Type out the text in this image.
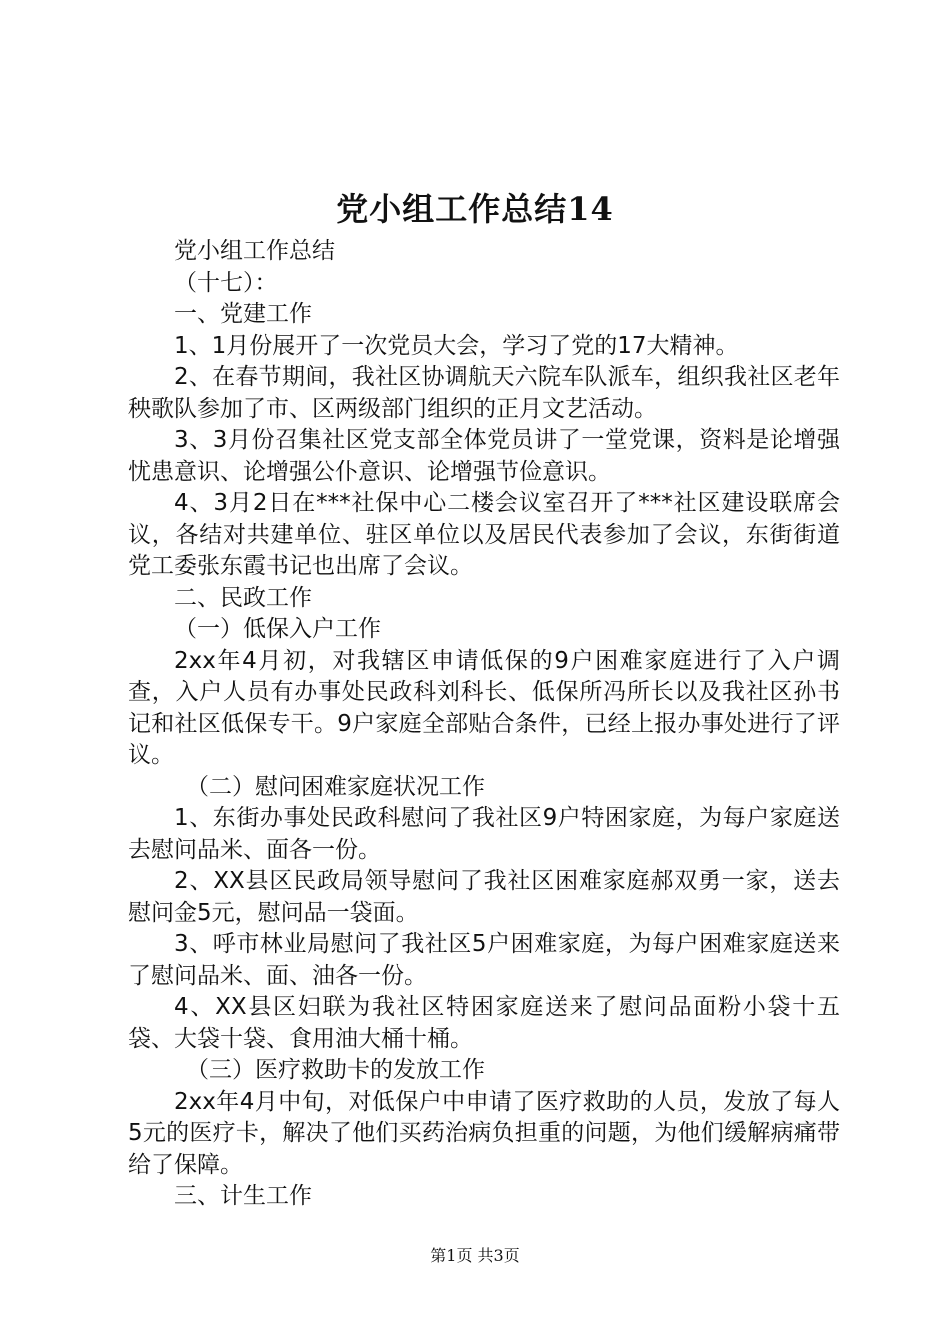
党小组工作总结14

党小组工作总结

（十七）：

一、党建工作

1、1月份展开了一次党员大会，学习了党的17大精神。

2、在春节期间，我社区协调航天六院车队派车，组织我社区老年秧歌队参加了市、区两级部门组织的正月文艺活动。

3、3月份召集社区党支部全体党员讲了一堂党课，资料是论增强忧患意识、论增强公仆意识、论增强节俭意识。

4、3月2日在***社保中心二楼会议室召开了***社区建设联席会议，各结对共建单位、驻区单位以及居民代表参加了会议，东街街道党工委张东霞书记也出席了会议。

二、民政工作

（一）低保入户工作

2xx年4月初，对我辖区申请低保的9户困难家庭进行了入户调查，入户人员有办事处民政科刘科长、低保所冯所长以及我社区孙书记和社区低保专干。9户家庭全部贴合条件，已经上报办事处进行了评议。

（二）慰问困难家庭状况工作

1、东街办事处民政科慰问了我社区9户特困家庭，为每户家庭送去慰问品米、面各一份。

2、XX县区民政局领导慰问了我社区困难家庭郝双勇一家，送去慰问金5元，慰问品一袋面。

3、呼市林业局慰问了我社区5户困难家庭，为每户困难家庭送来了慰问品米、面、油各一份。

4、XX县区妇联为我社区特困家庭送来了慰问品面粉小袋十五袋、大袋十袋、食用油大桶十桶。

（三）医疗救助卡的发放工作

2xx年4月中旬，对低保户中申请了医疗救助的人员，发放了每人5元的医疗卡，解决了他们买药治病负担重的问题，为他们缓解病痛带给了保障。

三、计生工作

第1页 共3页
